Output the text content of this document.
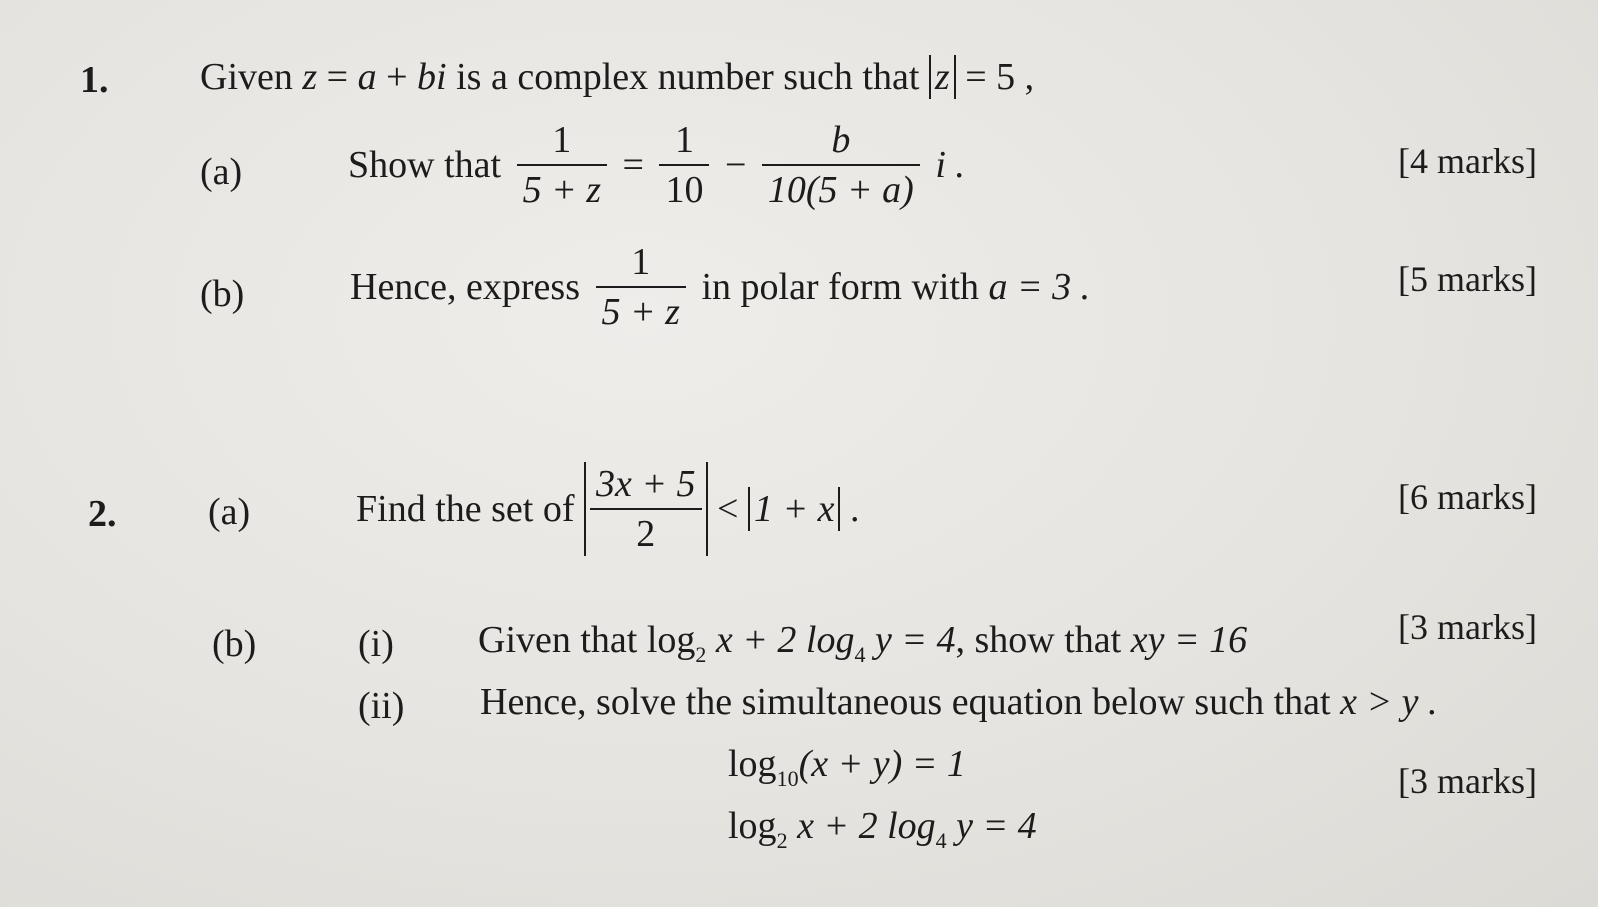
1. Given z = a + bi is a complex number such that z = 5 ,
(a)	Show that $\frac{1}{5 + z} = \frac{1}{10} - \frac{b}{10(5 + a)}$ i .	[4 marks]
(b)	Hence, express $\frac{1}{5 + z}$ in polar form with a = 3 .	[5 marks]
2. (a)	Find the set of $\frac{3x + 5}{2} < 1 + x$ .	[6 marks]
(b)	(i) Given that $\log_2 x + 2$ $\log_4 y = 4$, show that xy = 16	[3 marks]
(ii) Hence, solve the simultaneous equation below such that x > y .
$\log_{10}(x + y) = 1$
$\log_2 x + 2$ $\log_4 y = 4$
[3 marks]
